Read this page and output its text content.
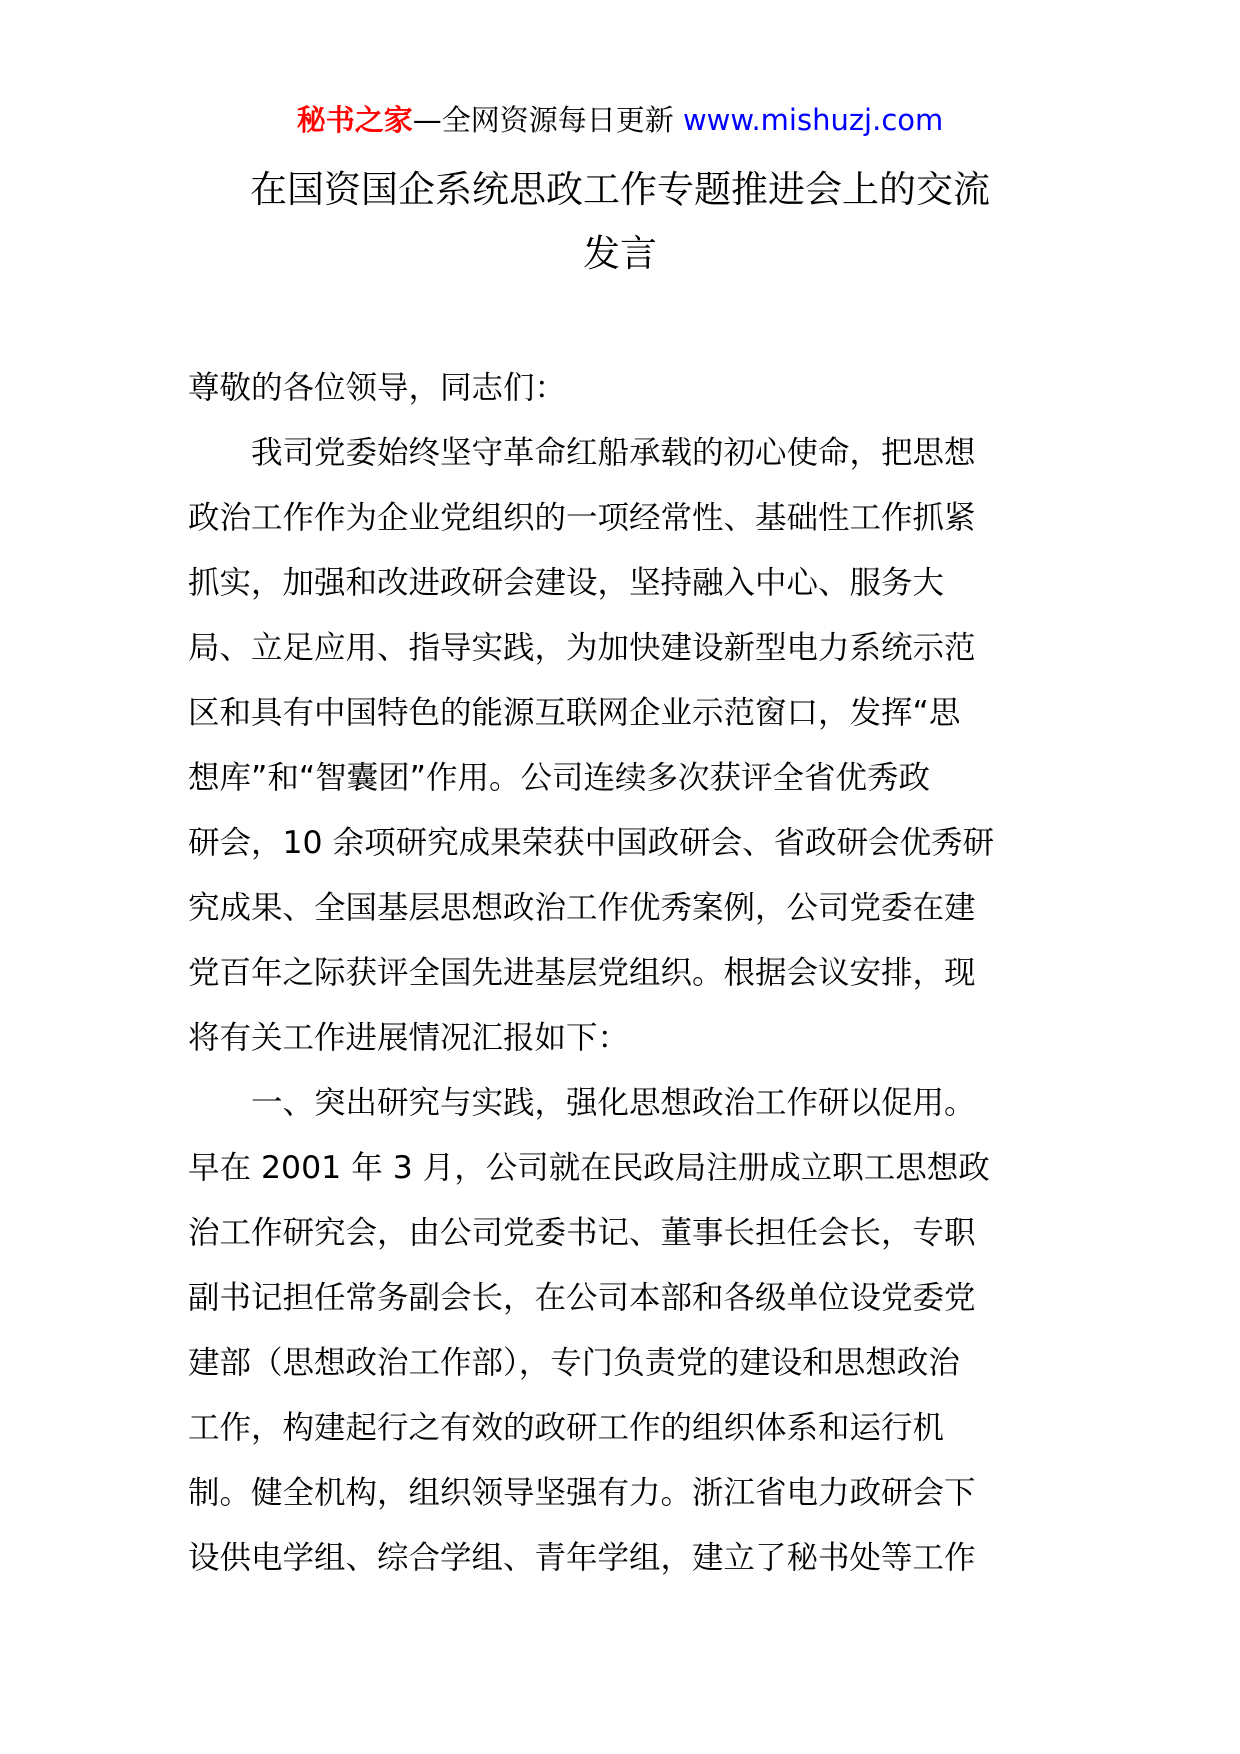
秘书之家—全网资源每日更新 www.mishuzj.com
在国资国企系统思政工作专题推进会上的交流
发言
尊敬的各位领导，同志们：
我司党委始终坚守革命红船承载的初心使命，把思想
政治工作作为企业党组织的一项经常性、基础性工作抓紧
抓实，加强和改进政研会建设，坚持融入中心、服务大
局、立足应用、指导实践，为加快建设新型电力系统示范
区和具有中国特色的能源互联网企业示范窗口，发挥“思
想库”和“智囊团”作用。公司连续多次获评全省优秀政
研会，10 余项研究成果荣获中国政研会、省政研会优秀研
究成果、全国基层思想政治工作优秀案例，公司党委在建
党百年之际获评全国先进基层党组织。根据会议安排，现
将有关工作进展情况汇报如下：
一、突出研究与实践，强化思想政治工作研以促用。
早在 2001 年 3 月，公司就在民政局注册成立职工思想政
治工作研究会，由公司党委书记、董事长担任会长，专职
副书记担任常务副会长，在公司本部和各级单位设党委党
建部（思想政治工作部），专门负责党的建设和思想政治
工作，构建起行之有效的政研工作的组织体系和运行机
制。健全机构，组织领导坚强有力。浙江省电力政研会下
设供电学组、综合学组、青年学组，建立了秘书处等工作
